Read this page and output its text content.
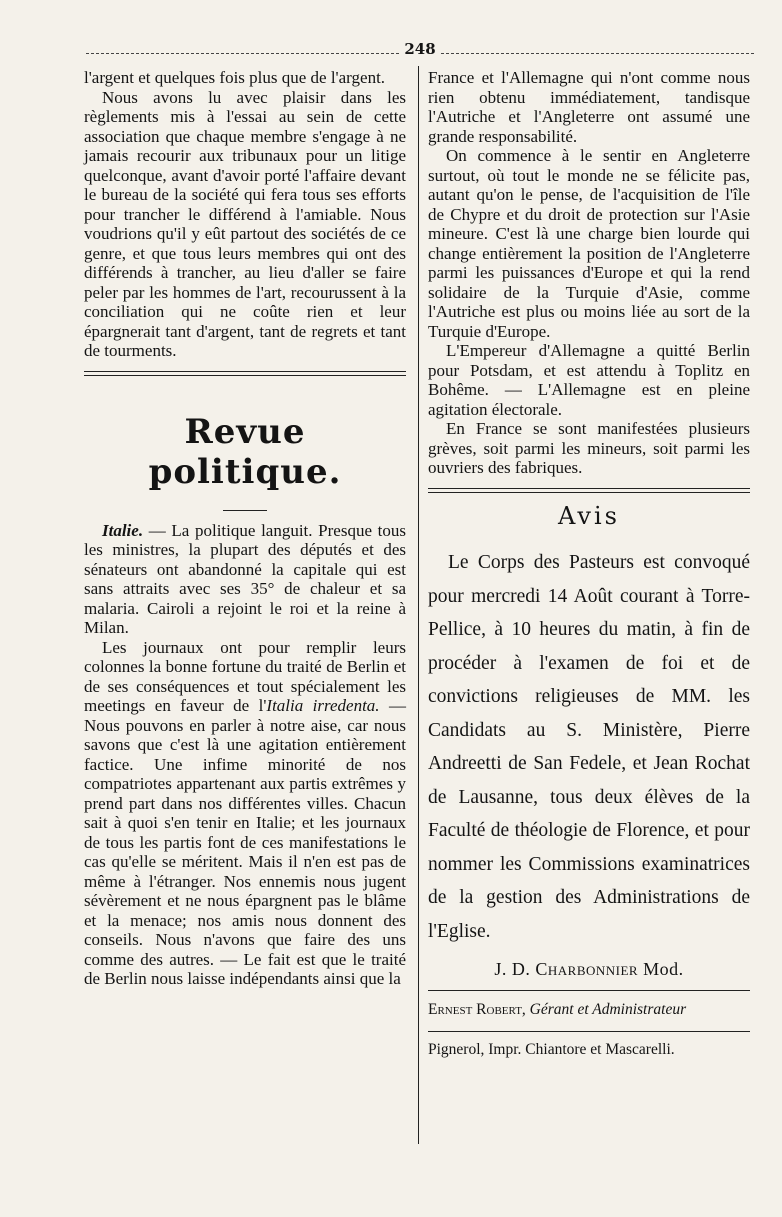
248

l'argent et quelques fois plus que de l'argent.

Nous avons lu avec plaisir dans les règlements mis à l'essai au sein de cette association que chaque membre s'engage à ne jamais recourir aux tribunaux pour un litige quelconque, avant d'avoir porté l'affaire devant le bureau de la société qui fera tous ses efforts pour trancher le différend à l'amiable. Nous voudrions qu'il y eût partout des sociétés de ce genre, et que tous leurs membres qui ont des différends à trancher, au lieu d'aller se faire peler par les hommes de l'art, recourussent à la conciliation qui ne coûte rien et leur épargnerait tant d'argent, tant de regrets et tant de tourments.

Revue politique.

Italie. — La politique languit. Presque tous les ministres, la plupart des députés et des sénateurs ont abandonné la capitale qui est sans attraits avec ses 35° de chaleur et sa malaria. Cairoli a rejoint le roi et la reine à Milan.

Les journaux ont pour remplir leurs colonnes la bonne fortune du traité de Berlin et de ses conséquences et tout spécialement les meetings en faveur de l'Italia irredenta. — Nous pouvons en parler à notre aise, car nous savons que c'est là une agitation entièrement factice. Une infime minorité de nos compatriotes appartenant aux partis extrêmes y prend part dans nos différentes villes. Chacun sait à quoi s'en tenir en Italie; et les journaux de tous les partis font de ces manifestations le cas qu'elle se méritent. Mais il n'en est pas de même à l'étranger. Nos ennemis nous jugent sévèrement et ne nous épargnent pas le blâme et la menace; nos amis nous donnent des conseils. Nous n'avons que faire des uns comme des autres. — Le fait est que le traité de Berlin nous laisse indépendants ainsi que la

France et l'Allemagne qui n'ont comme nous rien obtenu immédiatement, tandisque l'Autriche et l'Angleterre ont assumé une grande responsabilité.

On commence à le sentir en Angleterre surtout, où tout le monde ne se félicite pas, autant qu'on le pense, de l'acquisition de l'île de Chypre et du droit de protection sur l'Asie mineure. C'est là une charge bien lourde qui change entièrement la position de l'Angleterre parmi les puissances d'Europe et qui la rend solidaire de la Turquie d'Asie, comme l'Autriche est plus ou moins liée au sort de la Turquie d'Europe.

L'Empereur d'Allemagne a quitté Berlin pour Potsdam, et est attendu à Toplitz en Bohême. — L'Allemagne est en pleine agitation électorale.

En France se sont manifestées plusieurs grèves, soit parmi les mineurs, soit parmi les ouvriers des fabriques.

Avis

Le Corps des Pasteurs est convoqué pour mercredi 14 Août courant à Torre-Pellice, à 10 heures du matin, à fin de procéder à l'examen de foi et de convictions religieuses de MM. les Candidats au S. Ministère, Pierre Andreetti de San Fedele, et Jean Rochat de Lausanne, tous deux élèves de la Faculté de théologie de Florence, et pour nommer les Commissions examinatrices de la gestion des Administrations de l'Eglise.

J. D. Charbonnier Mod.

Ernest Robert, Gérant et Administrateur

Pignerol, Impr. Chiantore et Mascarelli.
